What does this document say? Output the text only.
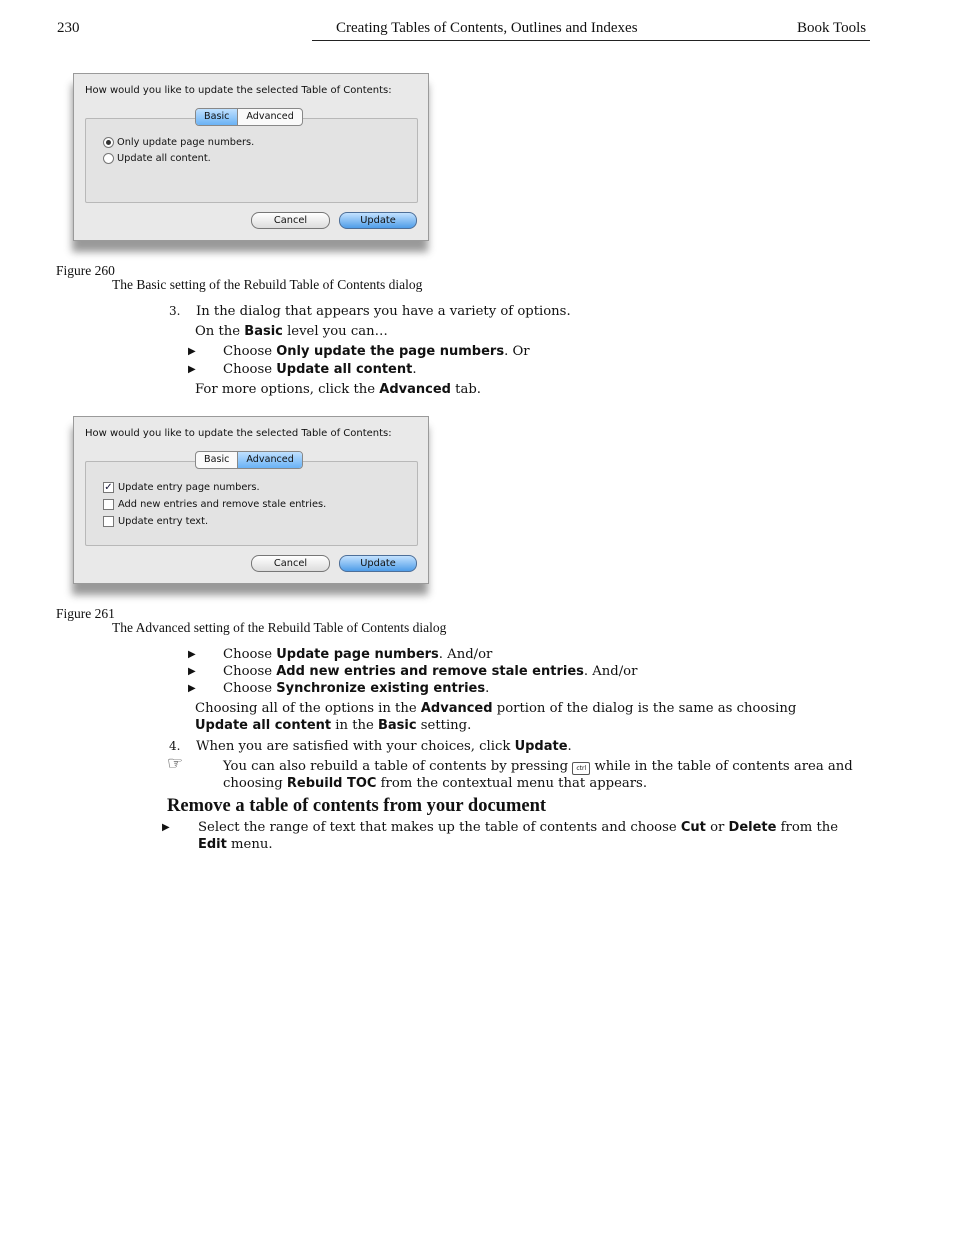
230	Creating Tables of Contents, Outlines and Indexes	Book Tools
How would you like to update the selected Table of Contents:
Basic	Advanced
Only update page numbers.
Update all content.
Cancel	Update
Figure 260
The Basic setting of the Rebuild Table of Contents dialog
3. In the dialog that appears you have a variety of options.
On the Basic level you can…
▶ Choose Only update the page numbers. Or
▶ Choose Update all content.
For more options, click the Advanced tab.
How would you like to update the selected Table of Contents:
Basic	Advanced
✓ Update entry page numbers.
Add new entries and remove stale entries.
Update entry text.
Cancel	Update
Figure 261
The Advanced setting of the Rebuild Table of Contents dialog
▶ Choose Update page numbers. And/or
▶ Choose Add new entries and remove stale entries. And/or
▶ Choose Synchronize existing entries.
Choosing all of the options in the Advanced portion of the dialog is the same as choosing
Update all content in the Basic setting.
4. When you are satisfied with your choices, click Update.
☞	You can also rebuild a table of contents by pressing ctrl while in the table of contents area and
choosing Rebuild TOC from the contextual menu that appears.
Remove a table of contents from your document
▶ Select the range of text that makes up the table of contents and choose Cut or Delete from the
Edit menu.
